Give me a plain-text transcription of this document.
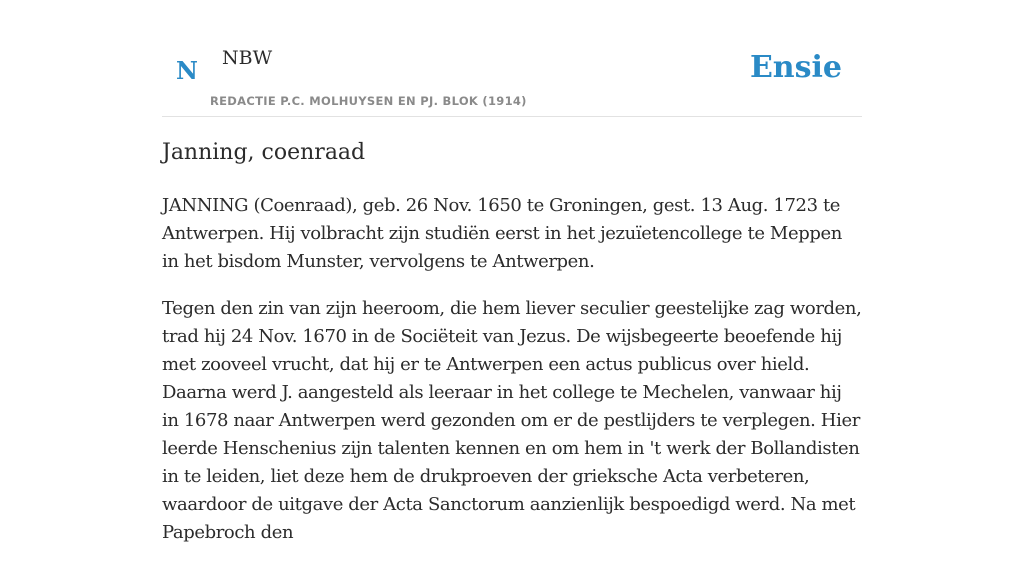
N NBW
REDACTIE P.C. MOLHUYSEN EN PJ. BLOK (1914)
Ensie
Janning, coenraad

JANNING (Coenraad), geb. 26 Nov. 1650 te Groningen, gest. 13 Aug. 1723 te Antwerpen. Hij volbracht zijn studiën eerst in het jezuïetencollege te Meppen in het bisdom Munster, vervolgens te Antwerpen.

Tegen den zin van zijn heeroom, die hem liever seculier geestelijke zag worden, trad hij 24 Nov. 1670 in de Sociëteit van Jezus. De wijsbegeerte beoefende hij met zooveel vrucht, dat hij er te Antwerpen een actus publicus over hield. Daarna werd J. aangesteld als leeraar in het college te Mechelen, vanwaar hij in 1678 naar Antwerpen werd gezonden om er de pestlijders te verplegen. Hier leerde Henschenius zijn talenten kennen en om hem in 't werk der Bollandisten in te leiden, liet deze hem de drukproeven der grieksche Acta verbeteren, waardoor de uitgave der Acta Sanctorum aanzienlijk bespoedigd werd. Na met Papebroch den
